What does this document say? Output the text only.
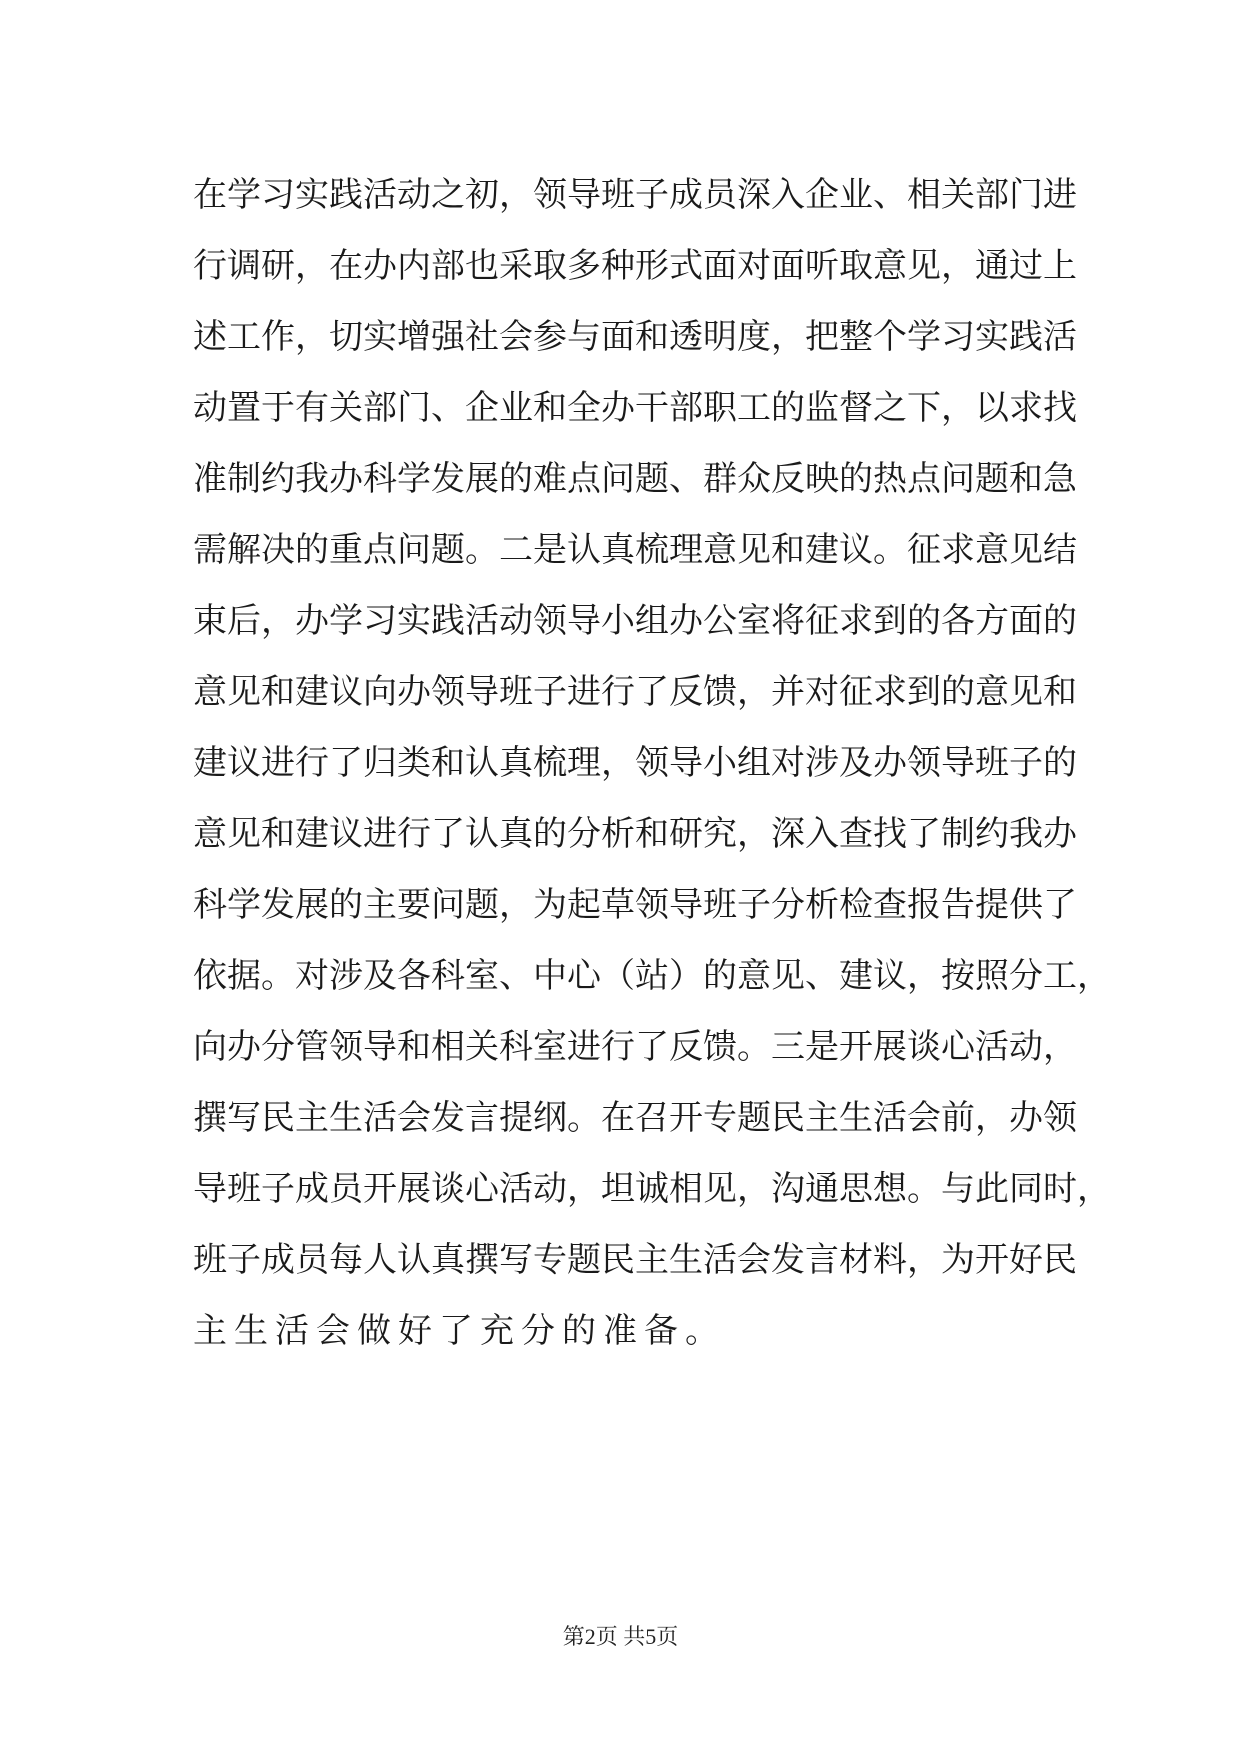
在学习实践活动之初，领导班子成员深入企业、相关部门进
行调研，在办内部也采取多种形式面对面听取意见，通过上
述工作，切实增强社会参与面和透明度，把整个学习实践活
动置于有关部门、企业和全办干部职工的监督之下，以求找
准制约我办科学发展的难点问题、群众反映的热点问题和急
需解决的重点问题。二是认真梳理意见和建议。征求意见结
束后，办学习实践活动领导小组办公室将征求到的各方面的
意见和建议向办领导班子进行了反馈，并对征求到的意见和
建议进行了归类和认真梳理，领导小组对涉及办领导班子的
意见和建议进行了认真的分析和研究，深入查找了制约我办
科学发展的主要问题，为起草领导班子分析检查报告提供了
依据。对涉及各科室、中心（站）的意见、建议，按照分工，
向办分管领导和相关科室进行了反馈。三是开展谈心活动，
撰写民主生活会发言提纲。在召开专题民主生活会前，办领
导班子成员开展谈心活动，坦诚相见，沟通思想。与此同时，
班子成员每人认真撰写专题民主生活会发言材料，为开好民
主生活会做好了充分的准备。
第2页 共5页
